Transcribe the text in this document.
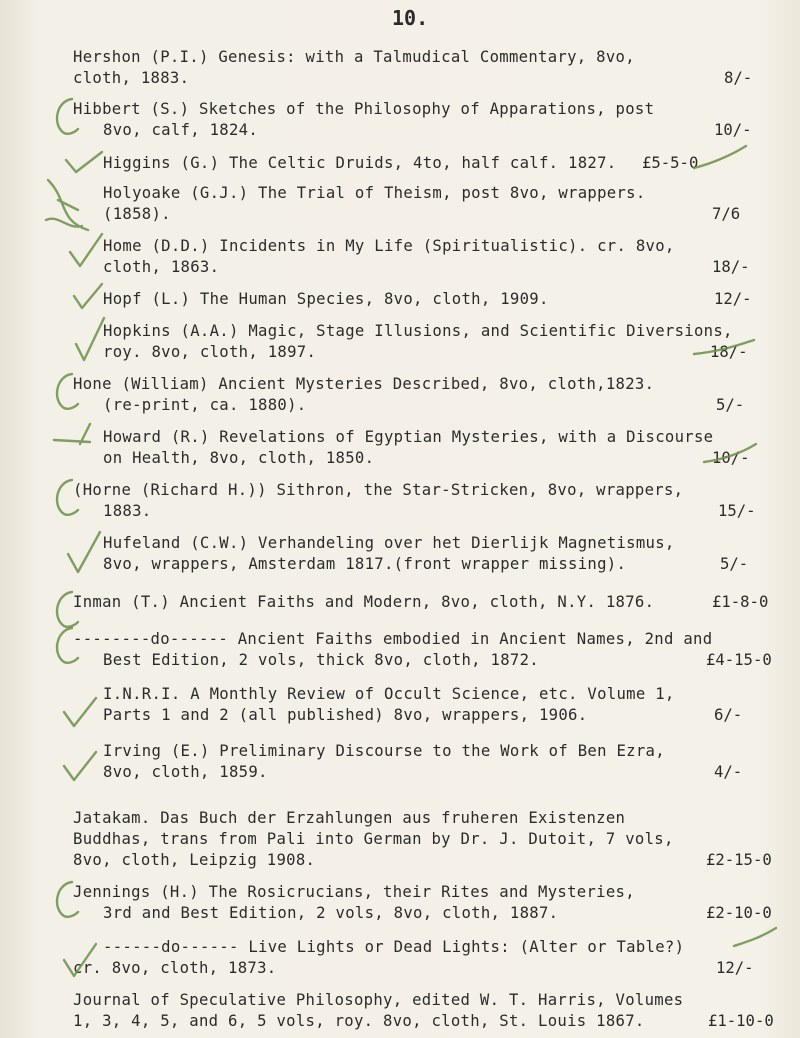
10.
Hershon (P.I.) Genesis: with a Talmudical Commentary, 8vo,
cloth, 1883.	8/-
Hibbert (S.) Sketches of the Philosophy of Apparations, post
8vo, calf, 1824.	10/-
Higgins (G.) The Celtic Druids, 4to, half calf. 1827. £5-5-0
Holyoake (G.J.) The Trial of Theism, post 8vo, wrappers.
(1858).	7/6
Home (D.D.) Incidents in My Life (Spiritualistic). cr. 8vo,
cloth, 1863.	18/-
Hopf (L.) The Human Species, 8vo, cloth, 1909.	12/-
Hopkins (A.A.) Magic, Stage Illusions, and Scientific Diversions,
roy. 8vo, cloth, 1897.	18/-
Hone (William) Ancient Mysteries Described, 8vo, cloth,1823.
(re-print, ca. 1880).	5/-
Howard (R.) Revelations of Egyptian Mysteries, with a Discourse
on Health, 8vo, cloth, 1850.	10/-
(Horne (Richard H.)) Sithron, the Star-Stricken, 8vo, wrappers,
1883.	15/-
Hufeland (C.W.) Verhandeling over het Dierlijk Magnetismus,
8vo, wrappers, Amsterdam 1817.(front wrapper missing).	5/-
Inman (T.) Ancient Faiths and Modern, 8vo, cloth, N.Y. 1876.	£1-8-0
--------do------ Ancient Faiths embodied in Ancient Names, 2nd and
Best Edition, 2 vols, thick 8vo, cloth, 1872.	£4-15-0
I.N.R.I. A Monthly Review of Occult Science, etc. Volume 1,
Parts 1 and 2 (all published) 8vo, wrappers, 1906.	6/-
Irving (E.) Preliminary Discourse to the Work of Ben Ezra,
8vo, cloth, 1859.	4/-
Jatakam. Das Buch der Erzahlungen aus fruheren Existenzen
Buddhas, trans from Pali into German by Dr. J. Dutoit, 7 vols,
8vo, cloth, Leipzig 1908.	£2-15-0
Jennings (H.) The Rosicrucians, their Rites and Mysteries,
3rd and Best Edition, 2 vols, 8vo, cloth, 1887.	£2-10-0
------do------ Live Lights or Dead Lights: (Alter or Table?)
cr. 8vo, cloth, 1873.	12/-
Journal of Speculative Philosophy, edited W. T. Harris, Volumes
1, 3, 4, 5, and 6, 5 vols, roy. 8vo, cloth, St. Louis 1867.	£1-10-0
